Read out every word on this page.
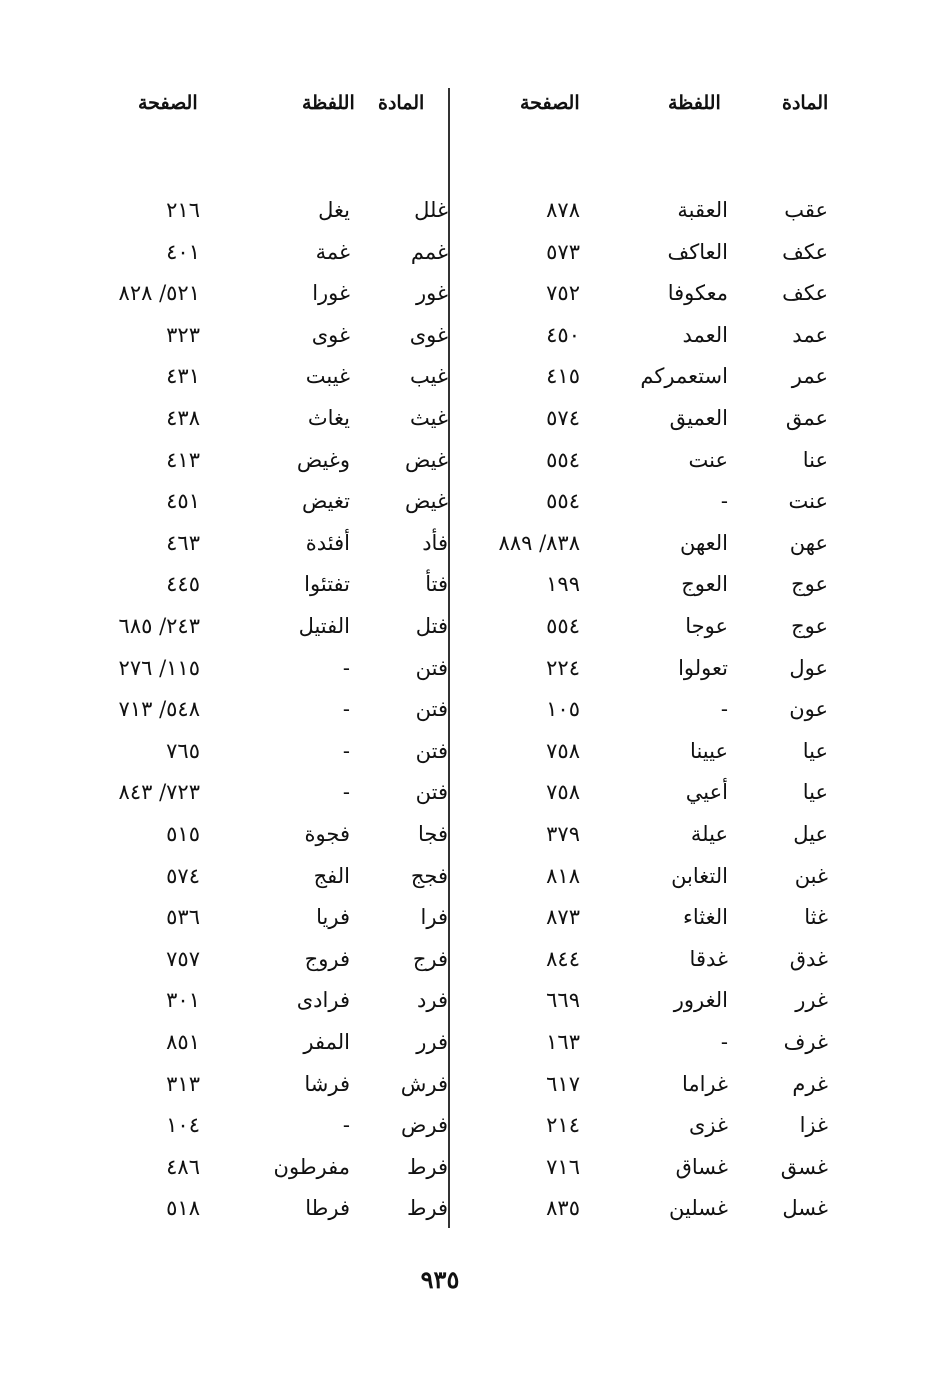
المادة
اللفظة
الصفحة
المادة
اللفظة
الصفحة
عقب
العقبة
٨٧٨
عكف
العاكف
٥٧٣
عكف
معكوفا
٧٥٢
عمد
العمد
٤٥٠
عمر
استعمركم
٤١٥
عمق
العميق
٥٧٤
عنا
عنت
٥٥٤
عنت
-
٥٥٤
عهن
العهن
٨٣٨/ ٨٨٩
عوج
العوج
١٩٩
عوج
عوجا
٥٥٤
عول
تعولوا
٢٢٤
عون
-
١٠٥
عيا
عيينا
٧٥٨
عيا
أعيي
٧٥٨
عيل
عيلة
٣٧٩
غبن
التغابن
٨١٨
غثا
الغثاء
٨٧٣
غدق
غدقا
٨٤٤
غرر
الغرور
٦٦٩
غرف
-
١٦٣
غرم
غراما
٦١٧
غزا
غزى
٢١٤
غسق
غساق
٧١٦
غسل
غسلين
٨٣٥
غلل
يغل
٢١٦
غمم
غمة
٤٠١
غور
غورا
٥٢١/ ٨٢٨
غوى
غوى
٣٢٣
غيب
غيبت
٤٣١
غيث
يغاث
٤٣٨
غيض
وغيض
٤١٣
غيض
تغيض
٤٥١
فأد
أفئدة
٤٦٣
فتأ
تفتئوا
٤٤٥
فتل
الفتيل
٢٤٣/ ٦٨٥
فتن
-
١١٥/ ٢٧٦
فتن
-
٥٤٨/ ٧١٣
فتن
-
٧٦٥
فتن
-
٧٢٣/ ٨٤٣
فجا
فجوة
٥١٥
فجج
الفج
٥٧٤
فرا
فريا
٥٣٦
فرج
فروج
٧٥٧
فرد
فرادى
٣٠١
فرر
المفر
٨٥١
فرش
فرشا
٣١٣
فرض
-
١٠٤
فرط
مفرطون
٤٨٦
فرط
فرطا
٥١٨
٩٣٥
